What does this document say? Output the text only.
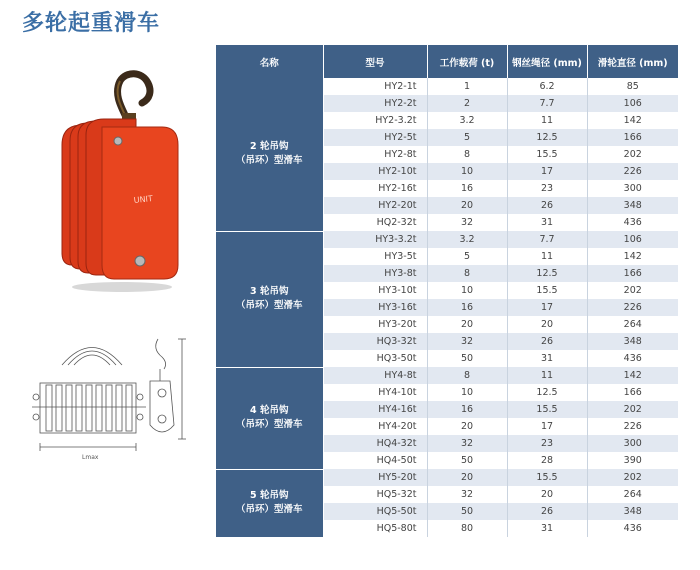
多轮起重滑车
UNIT
Lmax
名称	型号	工作载荷 (t)	钢丝绳径 (mm)	滑轮直径 (mm)

2 轮吊钩
（吊环）型滑车	HY2-1t	1	6.2	85
	HY2-2t	2	7.7	106
	HY2-3.2t	3.2	11	142
	HY2-5t	5	12.5	166
	HY2-8t	8	15.5	202
	HY2-10t	10	17	226
	HY2-16t	16	23	300
	HY2-20t	20	26	348
	HQ2-32t	32	31	436

3 轮吊钩
（吊环）型滑车	HY3-3.2t	3.2	7.7	106
	HY3-5t	5	11	142
	HY3-8t	8	12.5	166
	HY3-10t	10	15.5	202
	HY3-16t	16	17	226
	HY3-20t	20	20	264
	HQ3-32t	32	26	348
	HQ3-50t	50	31	436

4 轮吊钩
（吊环）型滑车	HY4-8t	8	11	142
	HY4-10t	10	12.5	166
	HY4-16t	16	15.5	202
	HY4-20t	20	17	226
	HQ4-32t	32	23	300
	HQ4-50t	50	28	390

5 轮吊钩
（吊环）型滑车	HY5-20t	20	15.5	202
	HQ5-32t	32	20	264
	HQ5-50t	50	26	348
	HQ5-80t	80	31	436
